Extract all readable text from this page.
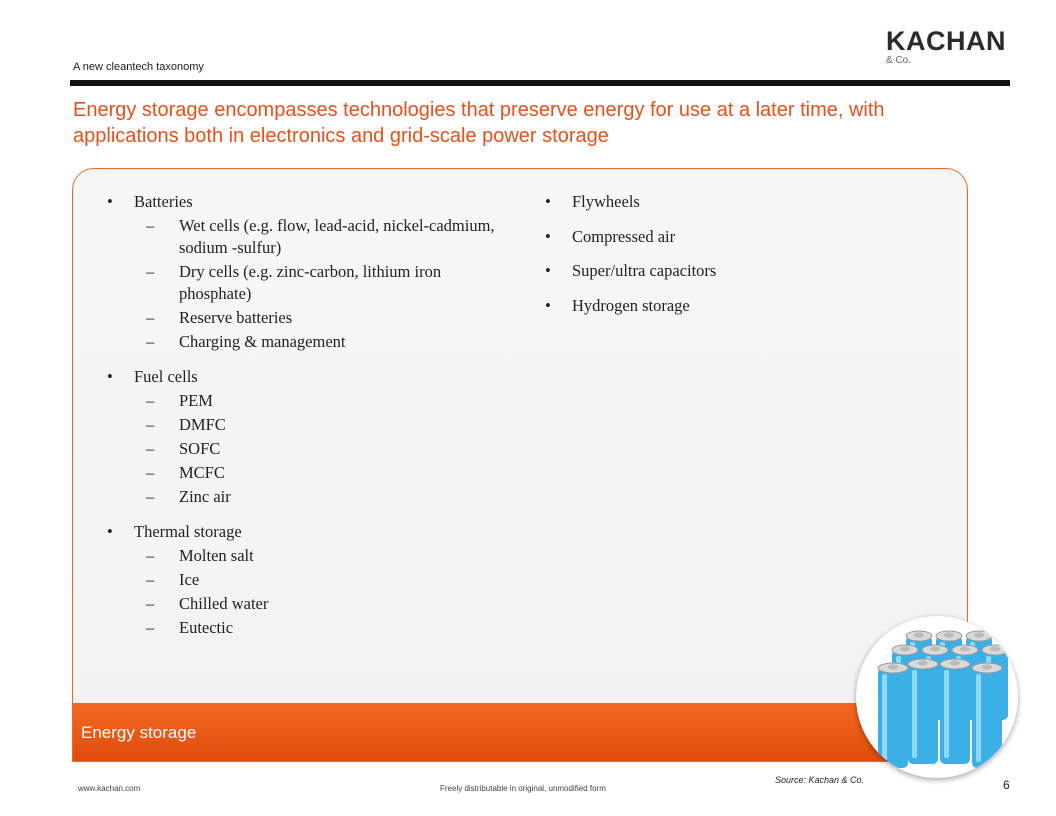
A new cleantech taxonomy
KACHAN
& Co.
Energy storage encompasses technologies that preserve energy for use at a later time, with applications both in electronics and grid-scale power storage
• Batteries
– Wet cells (e.g. flow, lead-acid, nickel-cadmium, sodium -sulfur)
– Dry cells (e.g. zinc-carbon, lithium iron phosphate)
– Reserve batteries
– Charging & management
• Fuel cells
– PEM
– DMFC
– SOFC
– MCFC
– Zinc air
• Thermal storage
– Molten salt
– Ice
– Chilled water
– Eutectic
• Flywheels
• Compressed air
• Super/ultra capacitors
• Hydrogen storage
Energy storage
Source: Kachan & Co.
www.kachan.com	Freely distributable in original, unmodified form	6
